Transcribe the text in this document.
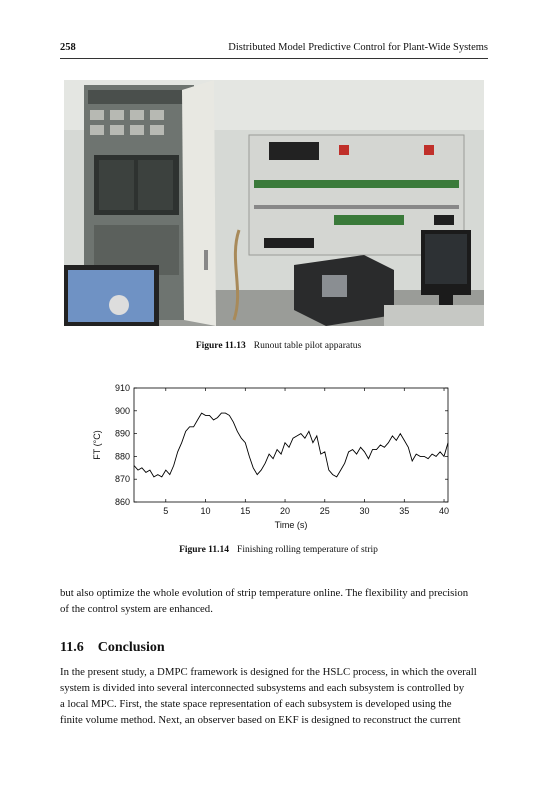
258	Distributed Model Predictive Control for Plant-Wide Systems
Figure 11.13 Runout table pilot apparatus
5	10	15	20	25	30	35	40
860
870
880
890
900
910
Time (s)
FT (°C)
Figure 11.14 Finishing rolling temperature of strip
but also optimize the whole evolution of strip temperature online. The flexibility and precision
of the control system are enhanced.
11.6 Conclusion
In the present study, a DMPC framework is designed for the HSLC process, in which the overall
system is divided into several interconnected subsystems and each subsystem is controlled by
a local MPC. First, the state space representation of each subsystem is developed using the
finite volume method. Next, an observer based on EKF is designed to reconstruct the current
